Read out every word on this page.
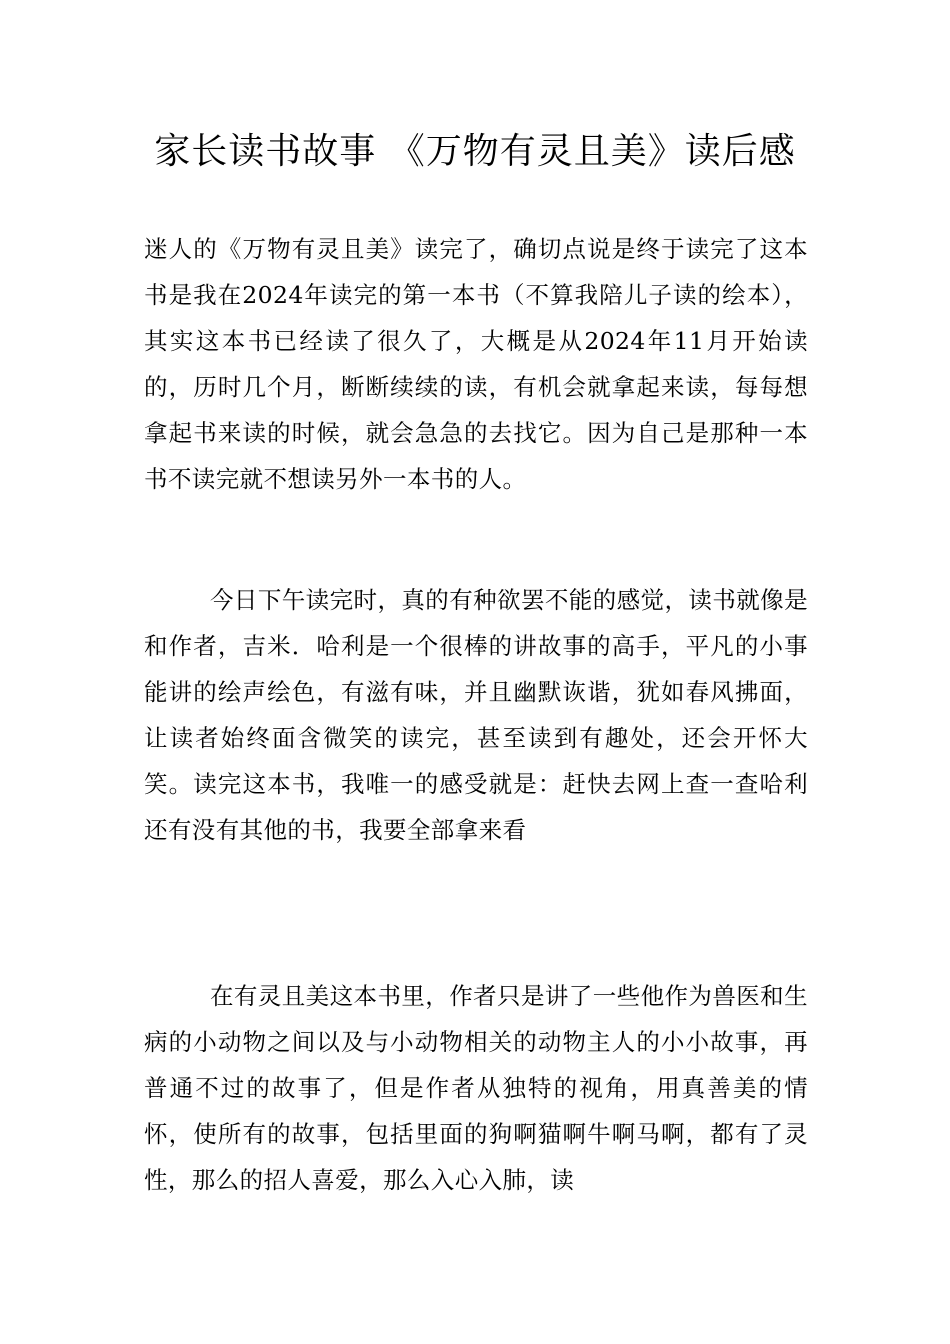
家长读书故事 《万物有灵且美》读后感

迷人的《万物有灵且美》读完了，确切点说是终于读完了这本书是我在2024年读完的第一本书（不算我陪儿子读的绘本），其实这本书已经读了很久了，大概是从2024年11月开始读的，历时几个月，断断续续的读，有机会就拿起来读，每每想拿起书来读的时候，就会急急的去找它。因为自己是那种一本书不读完就不想读另外一本书的人。

今日下午读完时，真的有种欲罢不能的感觉，读书就像是和作者，吉米．哈利是一个很棒的讲故事的高手，平凡的小事能讲的绘声绘色，有滋有味，并且幽默诙谐，犹如春风拂面，让读者始终面含微笑的读完，甚至读到有趣处，还会开怀大笑。读完这本书，我唯一的感受就是：赶快去网上查一查哈利还有没有其他的书，我要全部拿来看

在有灵且美这本书里，作者只是讲了一些他作为兽医和生病的小动物之间以及与小动物相关的动物主人的小小故事，再普通不过的故事了，但是作者从独特的视角，用真善美的情怀，使所有的故事，包括里面的狗啊猫啊牛啊马啊，都有了灵性，那么的招人喜爱，那么入心入肺，读
